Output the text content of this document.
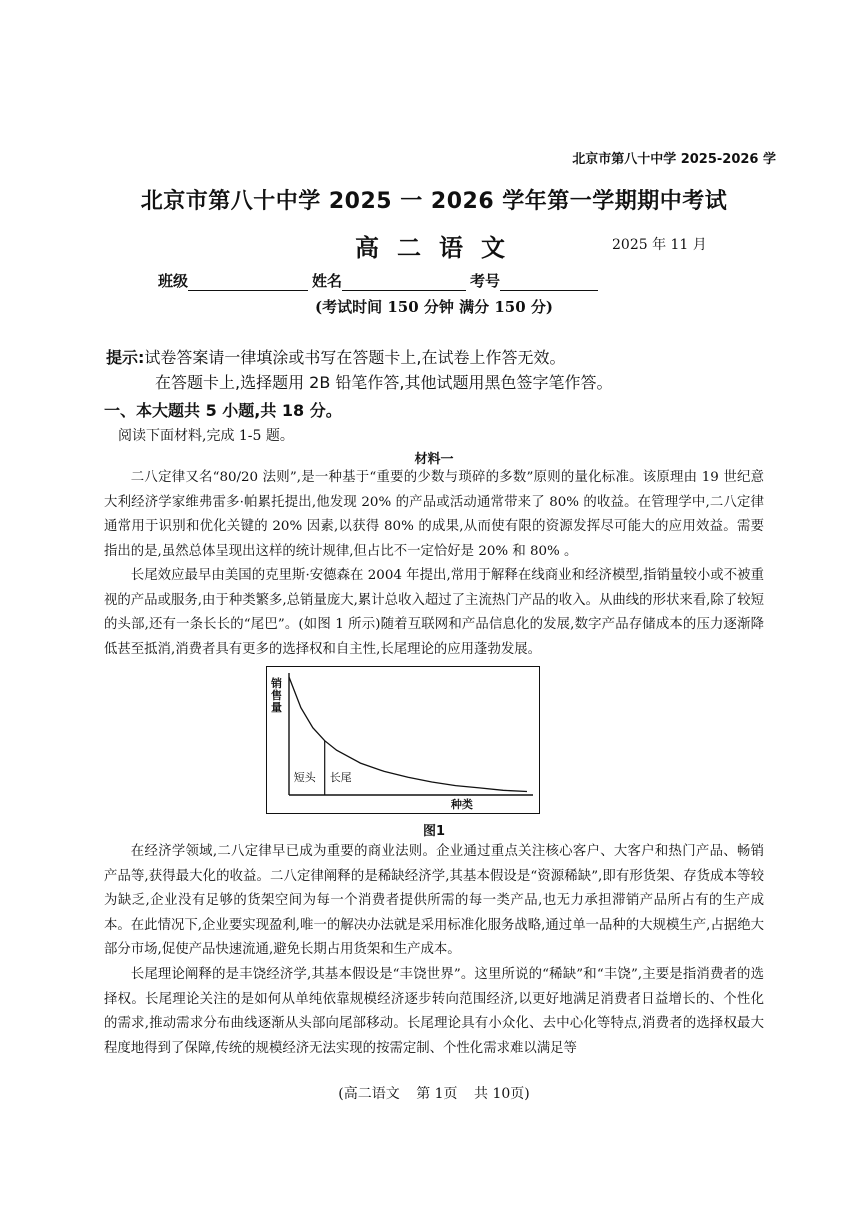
北京市第八十中学 2025-2026 学
北京市第八十中学 2025 一 2026 学年第一学期期中考试
高二语文	2025 年 11 月
班级	姓名	考号
(考试时间 150 分钟 满分 150 分)
提示:试卷答案请一律填涂或书写在答题卡上,在试卷上作答无效。
在答题卡上,选择题用 2B 铅笔作答,其他试题用黑色签字笔作答。
一、本大题共 5 小题,共 18 分。
阅读下面材料,完成 1-5 题。
材料一

二八定律又名“80/20 法则”,是一种基于“重要的少数与琐碎的多数”原则的量化标准。该原理由 19 世纪意大利经济学家维弗雷多·帕累托提出,他发现 20% 的产品或活动通常带来了 80% 的收益。在管理学中,二八定律通常用于识别和优化关键的 20% 因素,以获得 80% 的成果,从而使有限的资源发挥尽可能大的应用效益。需要指出的是,虽然总体呈现出这样的统计规律,但占比不一定恰好是 20% 和 80% 。

长尾效应最早由美国的克里斯·安德森在 2004 年提出,常用于解释在线商业和经济模型,指销量较小或不被重视的产品或服务,由于种类繁多,总销量庞大,累计总收入超过了主流热门产品的收入。从曲线的形状来看,除了较短的头部,还有一条长长的“尾巴”。(如图 1 所示)随着互联网和产品信息化的发展,数字产品存储成本的压力逐渐降低甚至抵消,消费者具有更多的选择权和自主性,长尾理论的应用蓬勃发展。

销售量
种类
短头 长尾
图1

在经济学领域,二八定律早已成为重要的商业法则。企业通过重点关注核心客户、大客户和热门产品、畅销产品等,获得最大化的收益。二八定律阐释的是稀缺经济学,其基本假设是“资源稀缺”,即有形货架、存货成本等较为缺乏,企业没有足够的货架空间为每一个消费者提供所需的每一类产品,也无力承担滞销产品所占有的生产成本。在此情况下,企业要实现盈利,唯一的解决办法就是采用标准化服务战略,通过单一品种的大规模生产,占据绝大部分市场,促使产品快速流通,避免长期占用货架和生产成本。

长尾理论阐释的是丰饶经济学,其基本假设是“丰饶世界”。这里所说的“稀缺”和“丰饶”,主要是指消费者的选择权。长尾理论关注的是如何从单纯依靠规模经济逐步转向范围经济,以更好地满足消费者日益增长的、个性化的需求,推动需求分布曲线逐渐从头部向尾部移动。长尾理论具有小众化、去中心化等特点,消费者的选择权最大程度地得到了保障,传统的规模经济无法实现的按需定制、个性化需求难以满足等

(高二语文 第 1页 共 10页)
